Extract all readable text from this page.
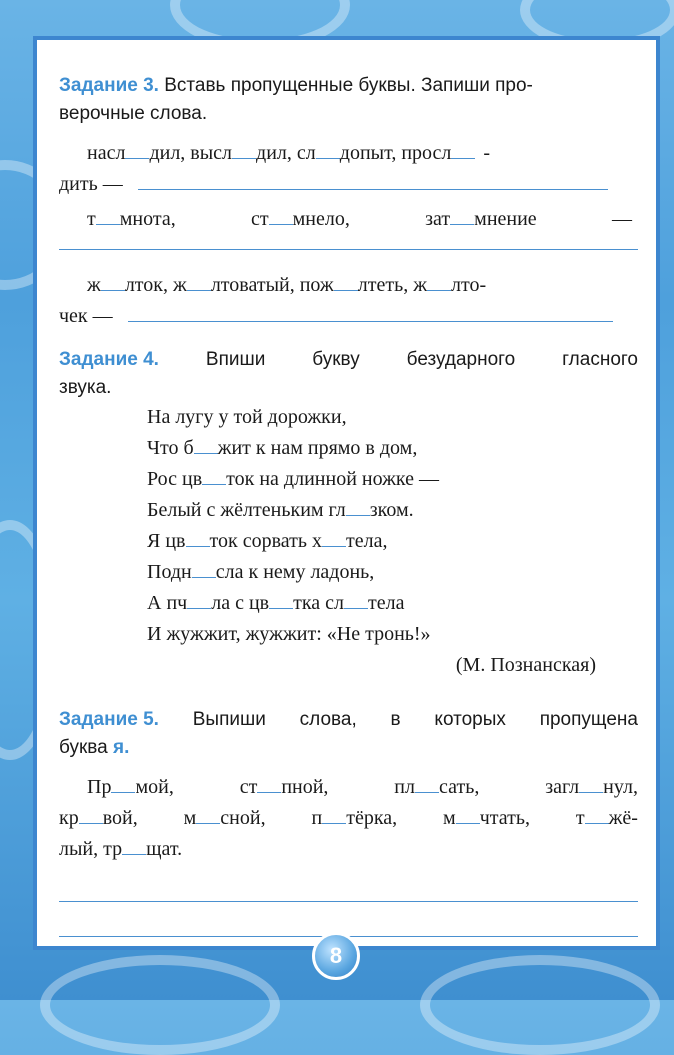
Задание 3. Вставь пропущенные буквы. Запиши про-
верочные слова.
насл дил, высл дил, сл допыт, просл -
дить —
т мнота,	ст мнело,	зат мнение	—
ж лток, ж лтоватый, пож лтеть, ж лто-
чек —
Задание 4. Впиши букву безударного гласного
звука.
На лугу у той дорожки,
Что б жит к нам прямо в дом,
Рос цв ток на длинной ножке —
Белый с жёлтеньким гл зком.
Я цв ток сорвать х тела,
Подн сла к нему ладонь,
А пч ла с цв тка сл тела
И жужжит, жужжит: «Не тронь!»
(М. Познанская)
Задание 5. Выпиши слова, в которых пропущена
буква я.
Пр мой,	ст пной,	пл сать,	загл нул,
кр вой, м сной, п тёрка, м чтать, т жё-
лый, тр щат.
8
